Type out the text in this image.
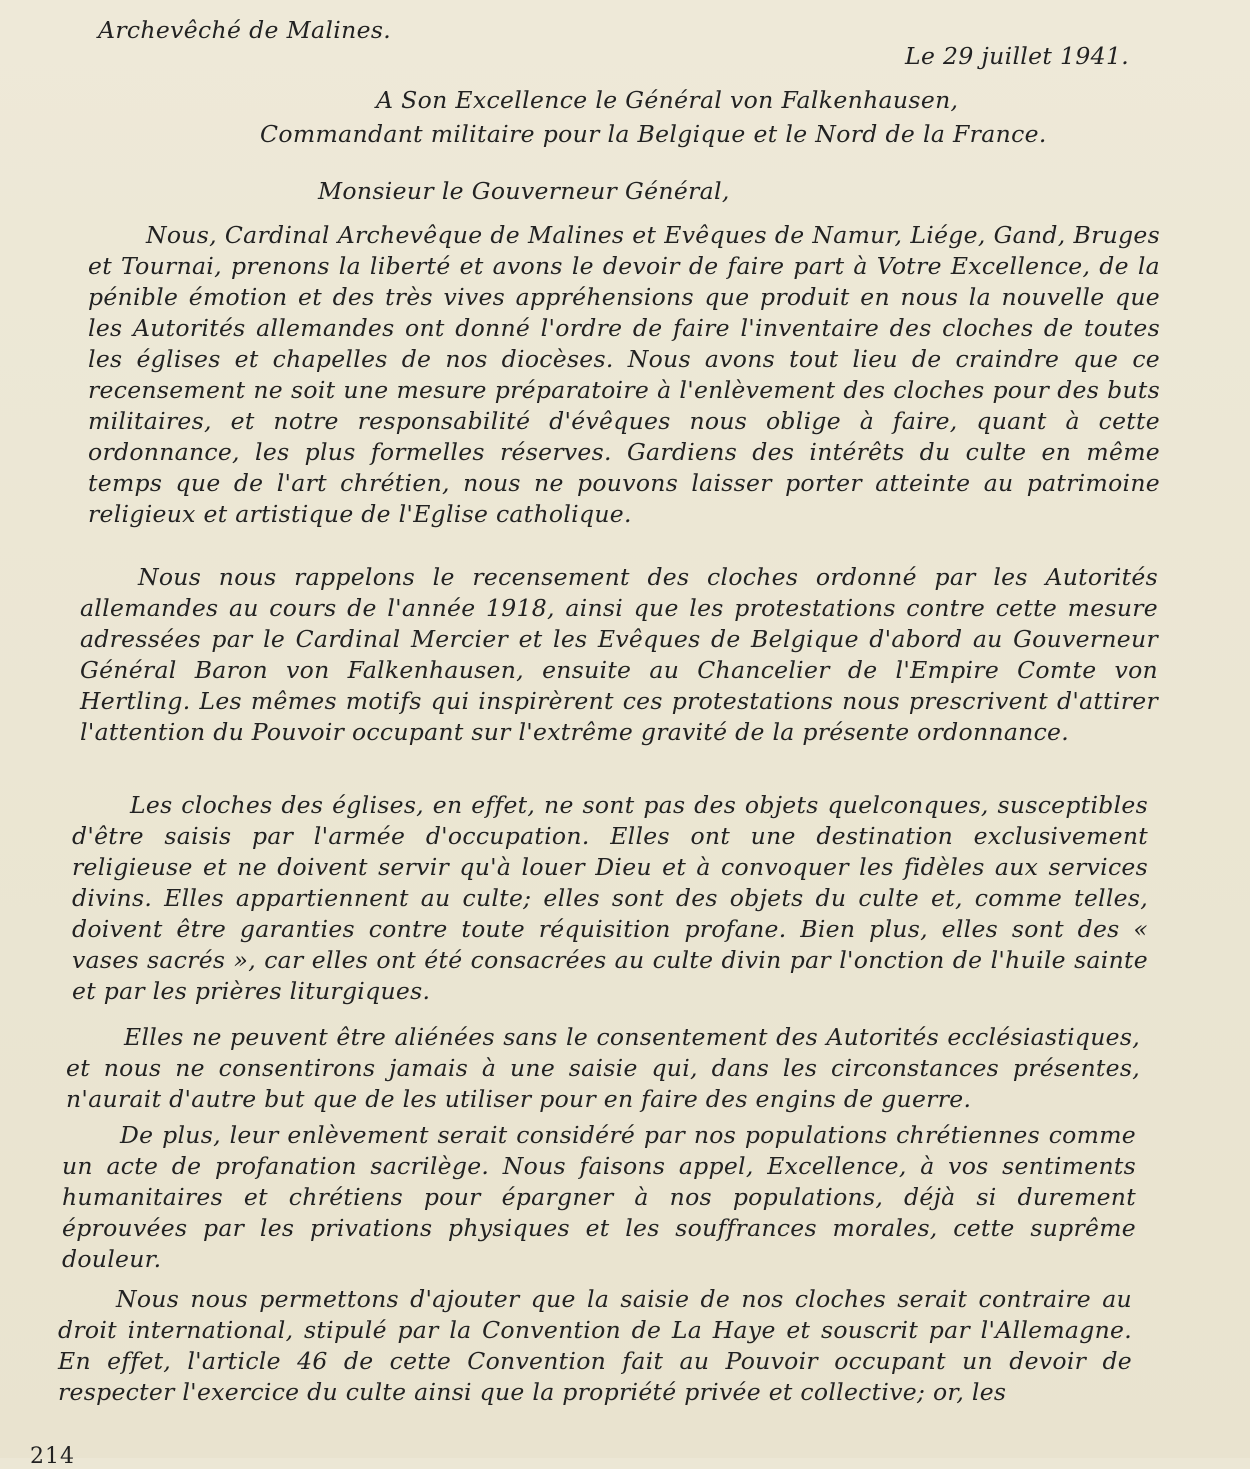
Archevêché de Malines.
Le 29 juillet 1941.
A Son Excellence le Général von Falkenhausen,
Commandant militaire pour la Belgique et le Nord de la France.
Monsieur le Gouverneur Général,

Nous, Cardinal Archevêque de Malines et Evêques de Namur, Liége, Gand, Bruges et Tournai, prenons la liberté et avons le devoir de faire part à Votre Excellence, de la pénible émotion et des très vives appréhensions que produit en nous la nouvelle que les Autorités allemandes ont donné l'ordre de faire l'inventaire des cloches de toutes les églises et chapelles de nos diocèses. Nous avons tout lieu de craindre que ce recensement ne soit une mesure préparatoire à l'enlèvement des cloches pour des buts militaires, et notre responsabilité d'évêques nous oblige à faire, quant à cette ordonnance, les plus formelles réserves. Gardiens des intérêts du culte en même temps que de l'art chrétien, nous ne pouvons laisser porter atteinte au patrimoine religieux et artistique de l'Eglise catholique.

Nous nous rappelons le recensement des cloches ordonné par les Autorités allemandes au cours de l'année 1918, ainsi que les protestations contre cette mesure adressées par le Cardinal Mercier et les Evêques de Belgique d'abord au Gouverneur Général Baron von Falkenhausen, ensuite au Chancelier de l'Empire Comte von Hertling. Les mêmes motifs qui inspirèrent ces protestations nous prescrivent d'attirer l'attention du Pouvoir occupant sur l'extrême gravité de la présente ordonnance.

Les cloches des églises, en effet, ne sont pas des objets quelconques, susceptibles d'être saisis par l'armée d'occupation. Elles ont une destination exclusivement religieuse et ne doivent servir qu'à louer Dieu et à convoquer les fidèles aux services divins. Elles appartiennent au culte; elles sont des objets du culte et, comme telles, doivent être garanties contre toute réquisition profane. Bien plus, elles sont des « vases sacrés », car elles ont été consacrées au culte divin par l'onction de l'huile sainte et par les prières liturgiques.

Elles ne peuvent être aliénées sans le consentement des Autorités ecclésiastiques, et nous ne consentirons jamais à une saisie qui, dans les circonstances présentes, n'aurait d'autre but que de les utiliser pour en faire des engins de guerre.

De plus, leur enlèvement serait considéré par nos populations chrétiennes comme un acte de profanation sacrilège. Nous faisons appel, Excellence, à vos sentiments humanitaires et chrétiens pour épargner à nos populations, déjà si durement éprouvées par les privations physiques et les souffrances morales, cette suprême douleur.

Nous nous permettons d'ajouter que la saisie de nos cloches serait contraire au droit international, stipulé par la Convention de La Haye et souscrit par l'Allemagne. En effet, l'article 46 de cette Convention fait au Pouvoir occupant un devoir de respecter l'exercice du culte ainsi que la propriété privée et collective; or, les

214
